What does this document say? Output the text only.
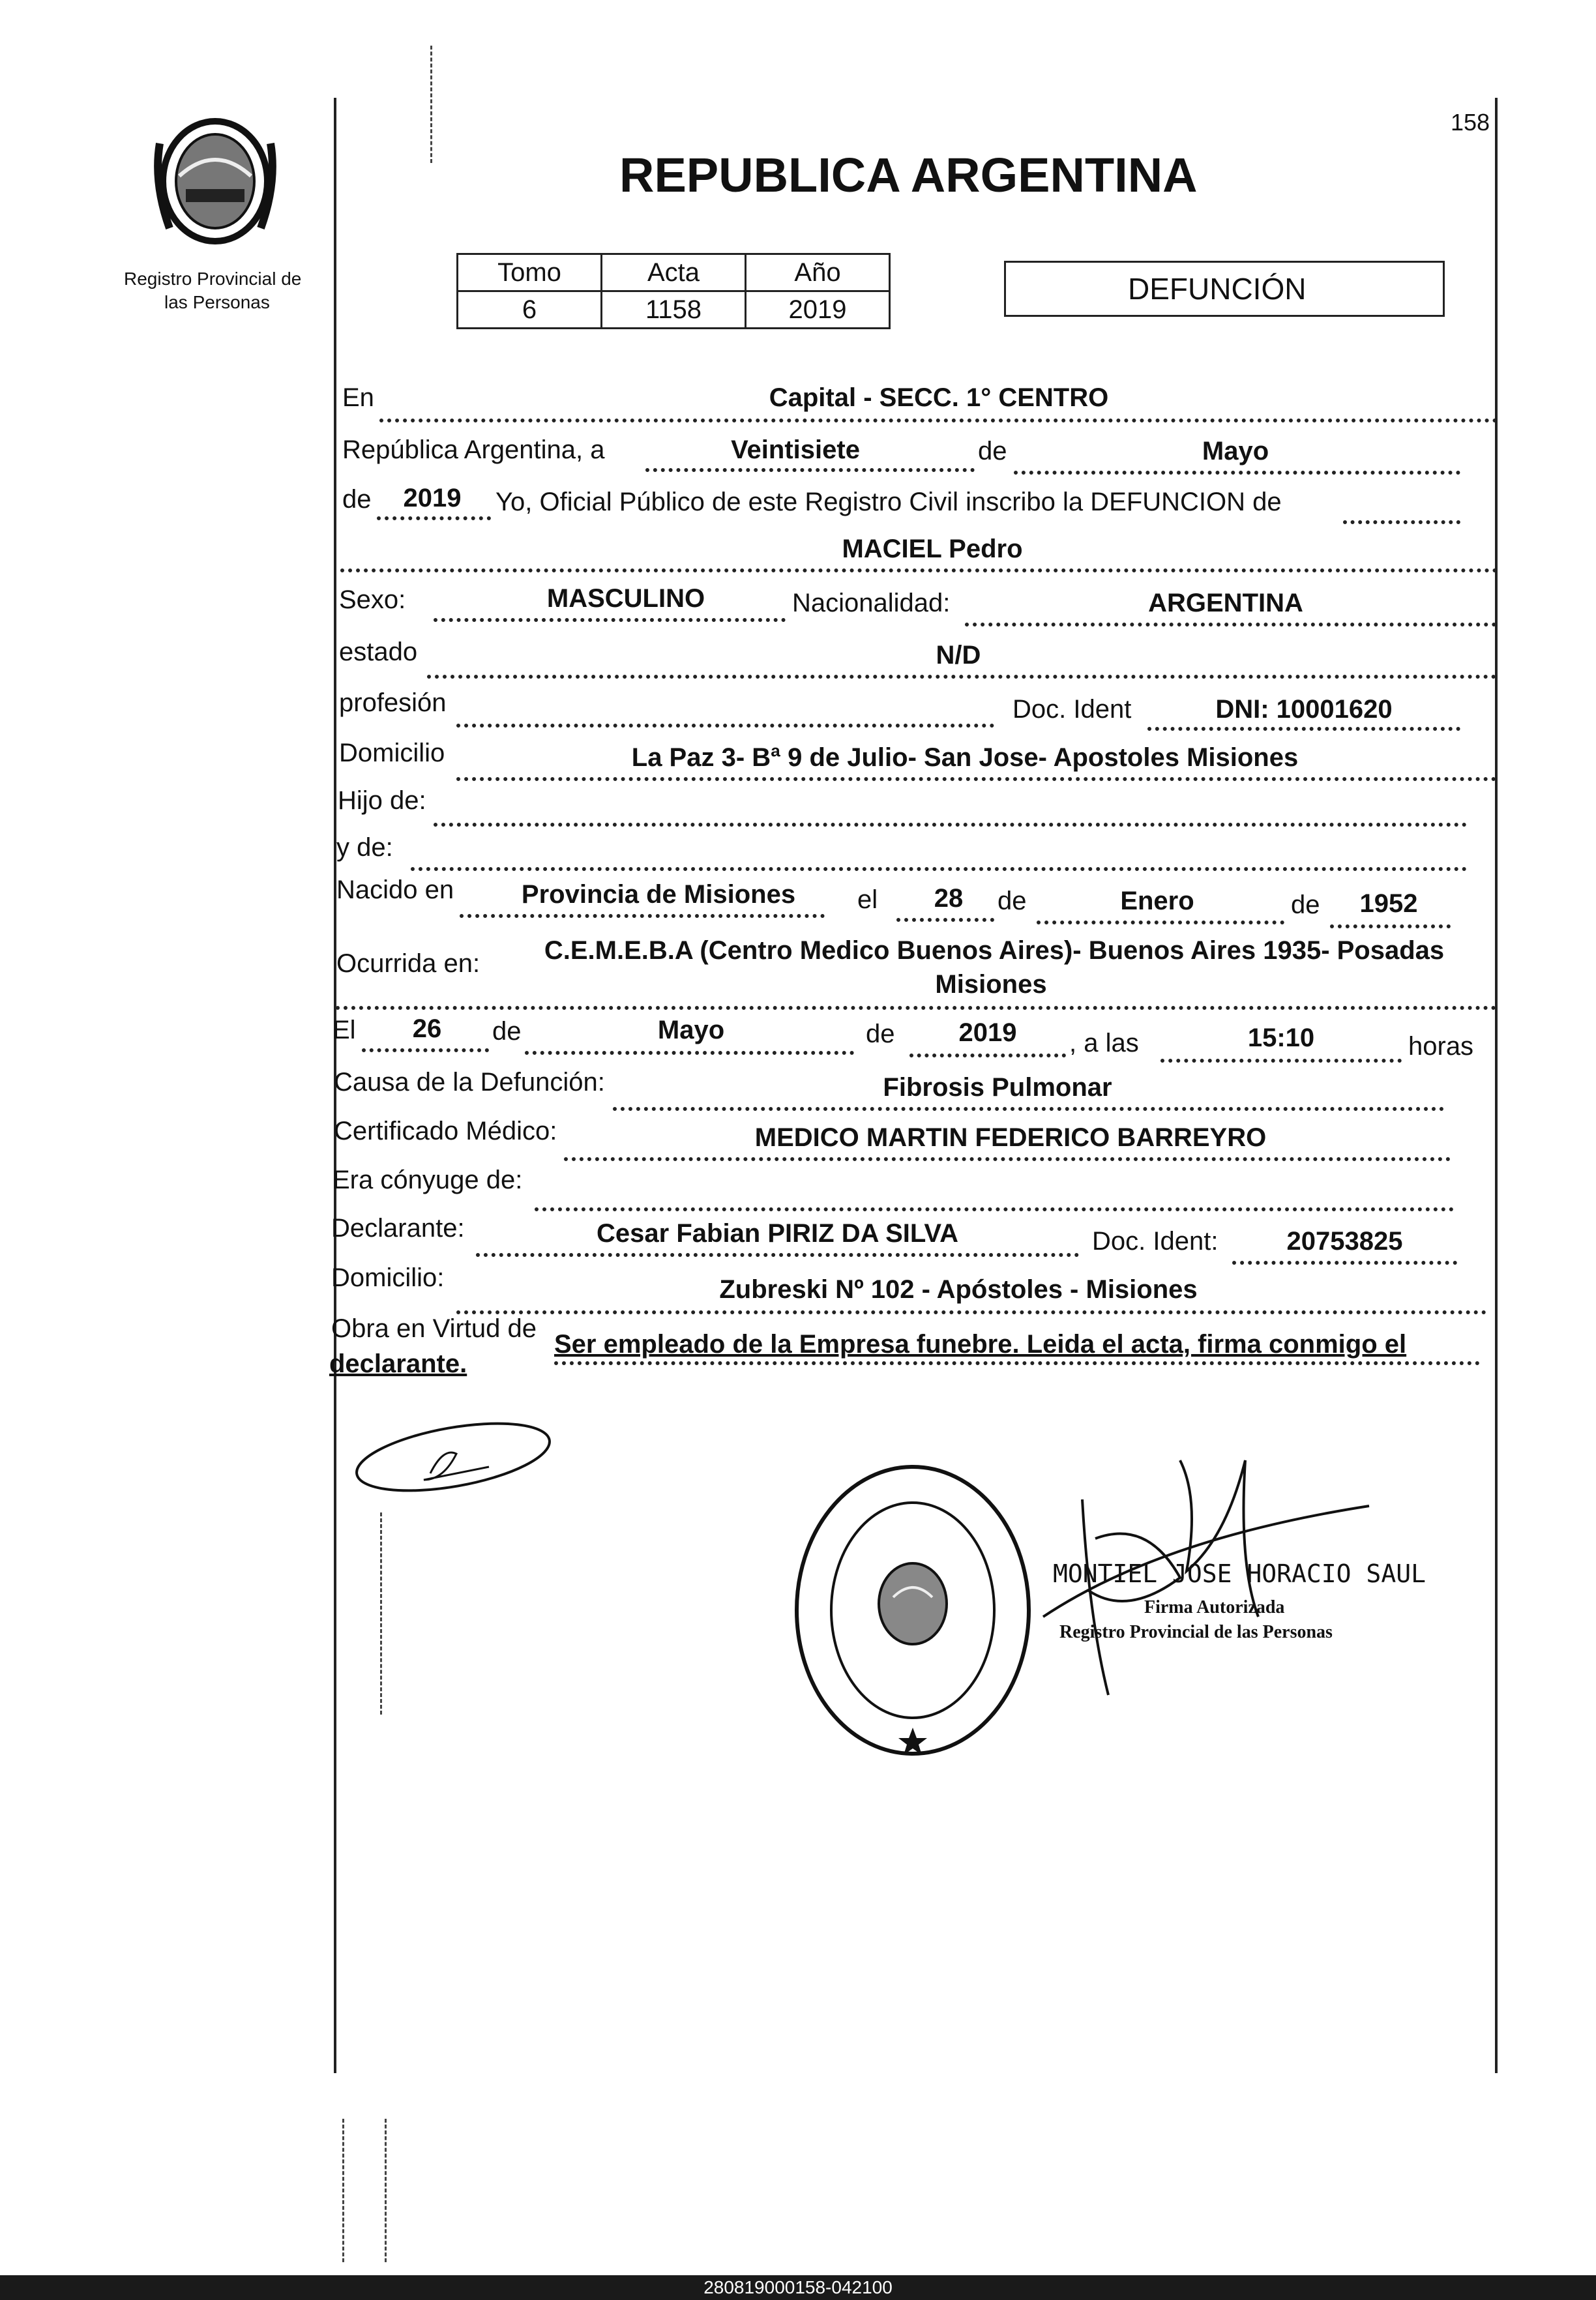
Registro Provincial de
las Personas
158
REPUBLICA ARGENTINA
Tomo	Acta	Año
6	1158	2019
DEFUNCIÓN
En	Capital - SECC. 1° CENTRO
República Argentina, a	Veintisiete	de	Mayo
de	2019	Yo, Oficial Público de este Registro Civil inscribo la DEFUNCION de
MACIEL Pedro
Sexo:	MASCULINO	Nacionalidad:	ARGENTINA
estado	N/D
profesión	Doc. Ident	DNI: 10001620
Domicilio	La Paz 3- Bª 9 de Julio- San Jose- Apostoles Misiones
Hijo de:
y de:
Nacido en	Provincia de Misiones	el	28	de	Enero	de	1952
Ocurrida en:	C.E.M.E.B.A (Centro Medico Buenos Aires)- Buenos Aires 1935- Posadas
Misiones
El	26	de	Mayo	de	2019	, a las	15:10	horas
Causa de la Defunción:	Fibrosis Pulmonar
Certificado Médico:	MEDICO MARTIN FEDERICO BARREYRO
Era cónyuge de:
Declarante:	Cesar Fabian PIRIZ DA SILVA	Doc. Ident:	20753825
Domicilio:	Zubreski Nº 102 - Apóstoles - Misiones
Obra en Virtud de
Ser empleado de la Empresa funebre. Leida el acta, firma conmigo el
declarante.
MONTIEL JOSE HORACIO SAUL
Firma Autorizada
Registro Provincial de las Personas
280819000158-042100
